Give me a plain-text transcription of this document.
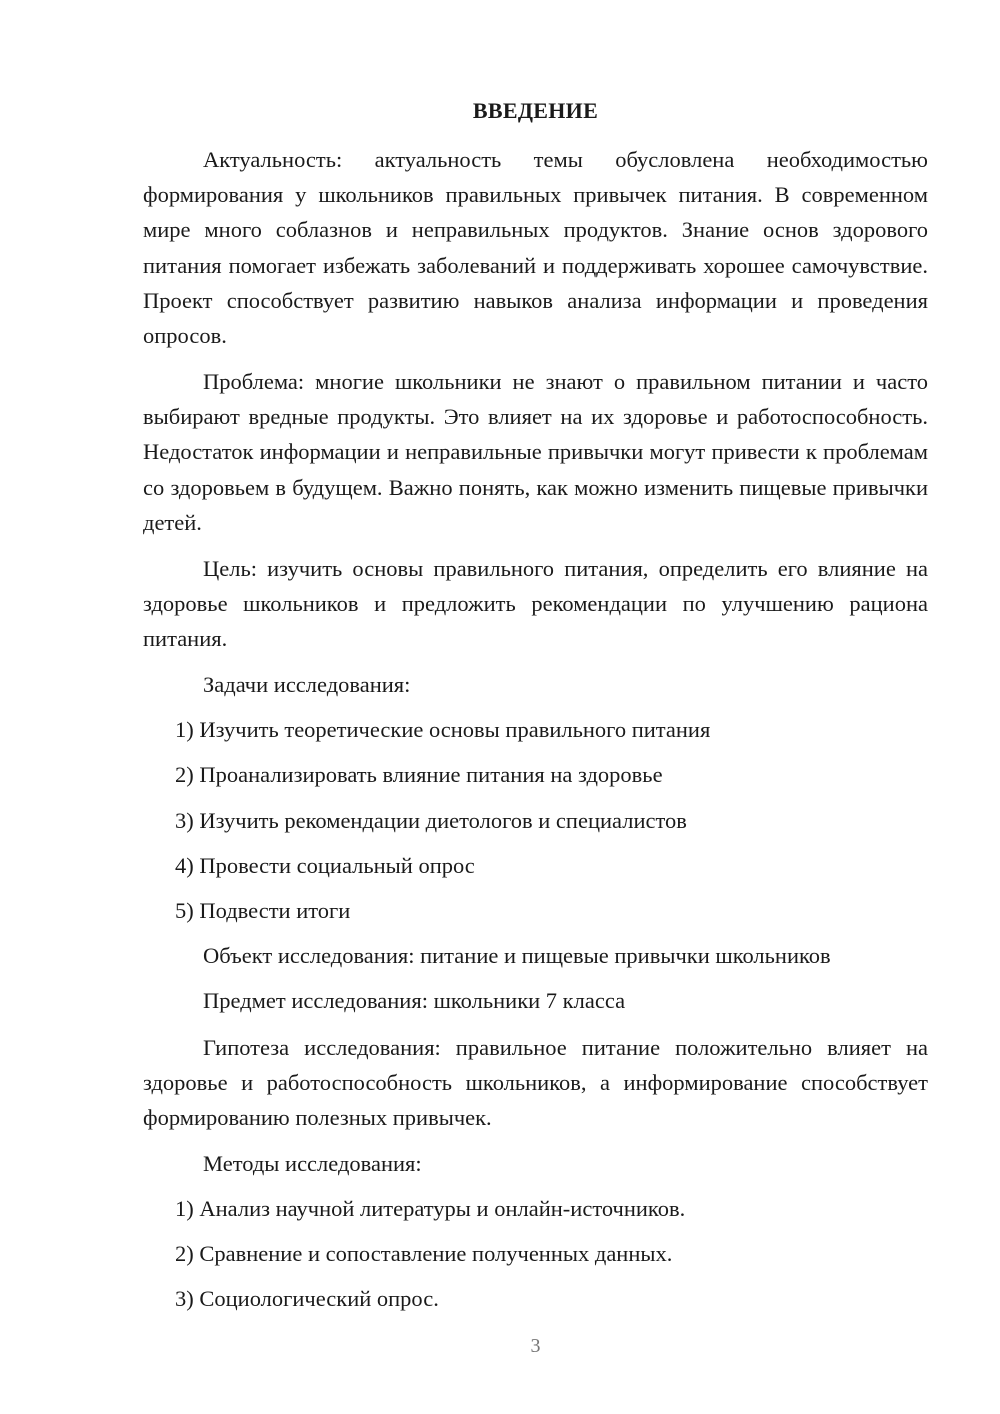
ВВЕДЕНИЕ

Актуальность: актуальность темы обусловлена необходимостью формирования у школьников правильных привычек питания. В современном мире много соблазнов и неправильных продуктов. Знание основ здорового питания помогает избежать заболеваний и поддерживать хорошее самочувствие. Проект способствует развитию навыков анализа информации и проведения опросов.

Проблема: многие школьники не знают о правильном питании и часто выбирают вредные продукты. Это влияет на их здоровье и работоспособность. Недостаток информации и неправильные привычки могут привести к проблемам со здоровьем в будущем. Важно понять, как можно изменить пищевые привычки детей.

Цель: изучить основы правильного питания, определить его влияние на здоровье школьников и предложить рекомендации по улучшению рациона питания.

Задачи исследования:

1) Изучить теоретические основы правильного питания

2) Проанализировать влияние питания на здоровье

3) Изучить рекомендации диетологов и специалистов

4) Провести социальный опрос

5) Подвести итоги

Объект исследования: питание и пищевые привычки школьников

Предмет исследования: школьники 7 класса

Гипотеза исследования: правильное питание положительно влияет на здоровье и работоспособность школьников, а информирование способствует формированию полезных привычек.

Методы исследования:

1) Анализ научной литературы и онлайн-источников.

2) Сравнение и сопоставление полученных данных.

3) Социологический опрос.

3
